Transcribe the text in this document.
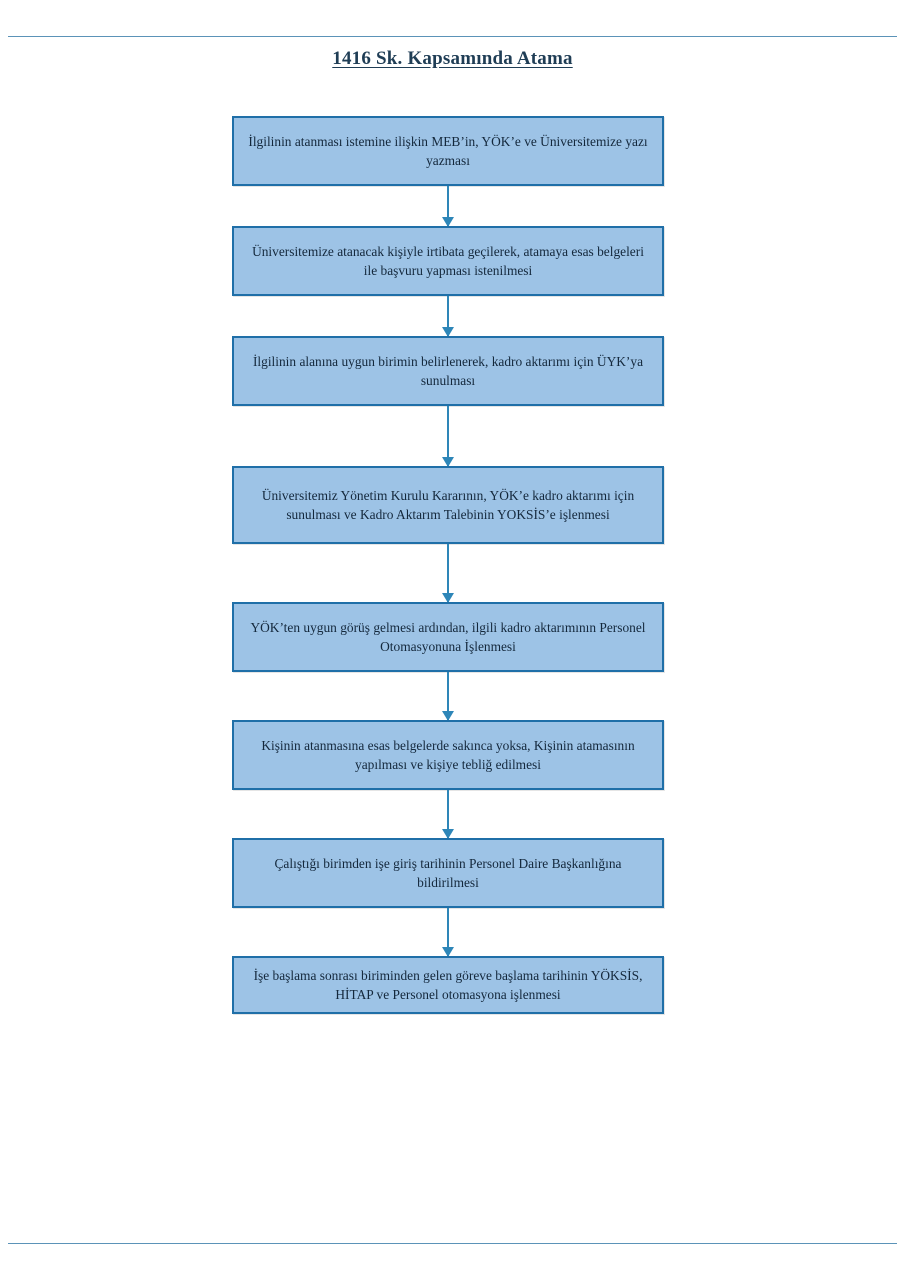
1416 Sk. Kapsamında Atama
İlgilinin atanması istemine ilişkin MEB’in, YÖK’e ve Üniversitemize yazı yazması
Üniversitemize atanacak kişiyle irtibata geçilerek, atamaya esas belgeleri ile başvuru yapması istenilmesi
İlgilinin alanına uygun birimin belirlenerek, kadro aktarımı için ÜYK’ya sunulması
Üniversitemiz Yönetim Kurulu Kararının, YÖK’e kadro aktarımı için sunulması ve Kadro Aktarım Talebinin YOKSİS’e işlenmesi
YÖK’ten uygun görüş gelmesi ardından, ilgili kadro aktarımının Personel Otomasyonuna İşlenmesi
Kişinin atanmasına esas belgelerde sakınca yoksa, Kişinin atamasının yapılması ve kişiye tebliğ edilmesi
Çalıştığı birimden işe giriş tarihinin Personel Daire Başkanlığına bildirilmesi
İşe başlama sonrası biriminden gelen göreve başlama tarihinin YÖKSİS, HİTAP ve Personel otomasyona işlenmesi
